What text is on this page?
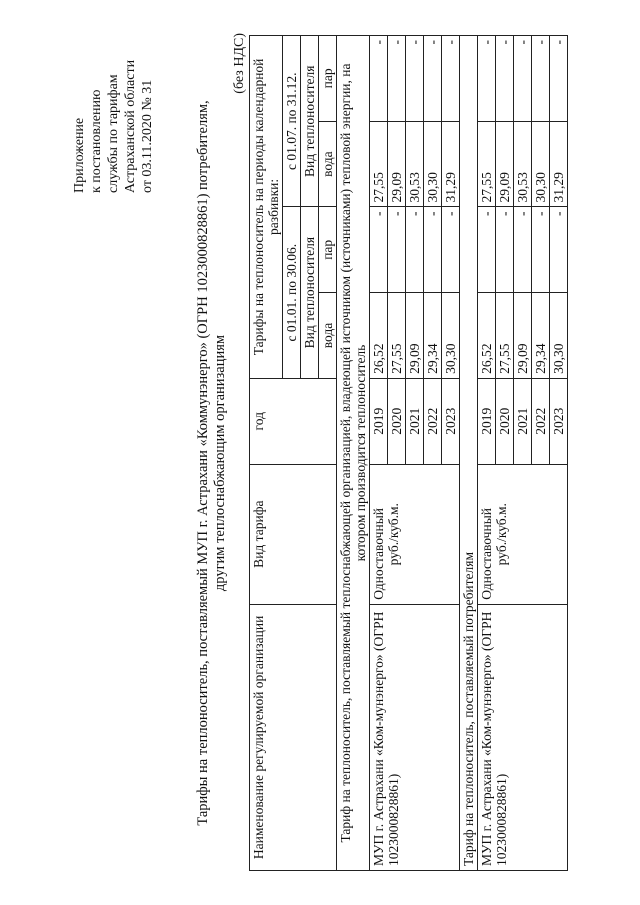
Приложение к постановлению службы по тарифам Астраханской области от 03.11.2020 № 31	Тарифы на теплоноситель, поставляемый МУП г. Астрахани «Коммунэнерго» (ОГРН 1023000828861) потребителям, другим теплоснабжающим организациям
(без НДС)
Наименование регулируемой организации	Вид тарифа	год	Тарифы на теплоноситель на периоды календарной разбивки:			
			с 01.01. по 30.06.		с 01.07. по 31.12.	
			Вид теплоносителя		Вид теплоносителя	
			вода	пар	вода	пар
Тариф на теплоноситель, поставляемый теплоснабжающей организацией, владеющей источником (источниками) тепловой энергии, на котором производится теплоноситель						
МУП г. Астрахани «Ком-мунэнерго» (ОГРН 1023000828861)	Одноставочный руб./куб.м.	2019	26,52	-	27,55	-
		2020	27,55	-	29,09	-
		2021	29,09	-	30,53	-
		2022	29,34	-	30,30	-
		2023	30,30	-	31,29	-
Тариф на теплоноситель, поставляемый потребителям						
МУП г. Астрахани «Ком-мунэнерго» (ОГРН 1023000828861)	Одноставочный руб./куб.м.	2019	26,52	-	27,55	-
		2020	27,55	-	29,09	-
		2021	29,09	-	30,53	-
		2022	29,34	-	30,30	-
		2023	30,30	-	31,29	-
